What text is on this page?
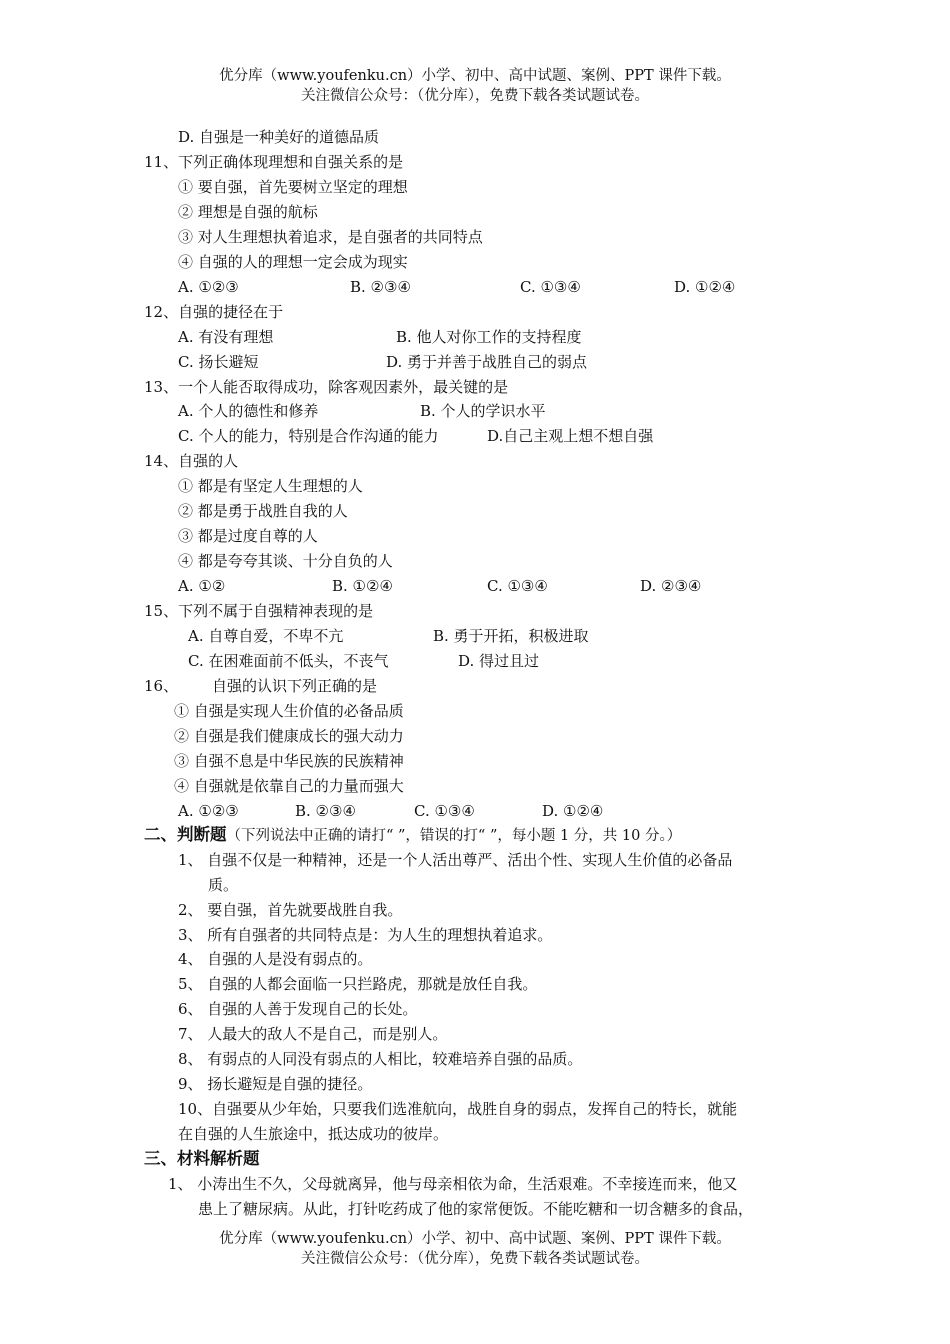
优分库（www.youfenku.cn）小学、初中、高中试题、案例、PPT 课件下载。
关注微信公众号：（优分库），免费下载各类试题试卷。
D. 自强是一种美好的道德品质
11、下列正确体现理想和自强关系的是
① 要自强，首先要树立坚定的理想
② 理想是自强的航标
③ 对人生理想执着追求，是自强者的共同特点
④ 自强的人的理想一定会成为现实
A. ①②③	B. ②③④	C. ①③④	D. ①②④
12、自强的捷径在于
A. 有没有理想	B. 他人对你工作的支持程度
C. 扬长避短	D. 勇于并善于战胜自己的弱点
13、一个人能否取得成功，除客观因素外，最关键的是
A. 个人的德性和修养	B. 个人的学识水平
C. 个人的能力，特别是合作沟通的能力	D.自己主观上想不想自强
14、自强的人
① 都是有坚定人生理想的人
② 都是勇于战胜自我的人
③ 都是过度自尊的人
④ 都是夸夸其谈、十分自负的人
A. ①②	B. ①②④	C. ①③④	D. ②③④
15、下列不属于自强精神表现的是
A. 自尊自爱，不卑不亢	B. 勇于开拓，积极进取
C. 在困难面前不低头，不丧气	D. 得过且过
16、 自强的认识下列正确的是
① 自强是实现人生价值的必备品质
② 自强是我们健康成长的强大动力
③ 自强不息是中华民族的民族精神
④ 自强就是依靠自己的力量而强大
A. ①②③	B. ②③④	C. ①③④	D. ①②④
二、判断题（下列说法中正确的请打“ ”，错误的打“ ”，每小题 1 分，共 10 分。）
1、 自强不仅是一种精神，还是一个人活出尊严、活出个性、实现人生价值的必备品
质。
2、 要自强，首先就要战胜自我。
3、 所有自强者的共同特点是：为人生的理想执着追求。
4、 自强的人是没有弱点的。
5、 自强的人都会面临一只拦路虎，那就是放任自我。
6、 自强的人善于发现自己的长处。
7、 人最大的敌人不是自己，而是别人。
8、 有弱点的人同没有弱点的人相比，较难培养自强的品质。
9、 扬长避短是自强的捷径。
10、自强要从少年始，只要我们选准航向，战胜自身的弱点，发挥自己的特长，就能
在自强的人生旅途中，抵达成功的彼岸。
三、材料解析题
1、 小涛出生不久，父母就离异，他与母亲相依为命，生活艰难。不幸接连而来，他又
患上了糖尿病。从此，打针吃药成了他的家常便饭。不能吃糖和一切含糖多的食品，
优分库（www.youfenku.cn）小学、初中、高中试题、案例、PPT 课件下载。
关注微信公众号：（优分库），免费下载各类试题试卷。
